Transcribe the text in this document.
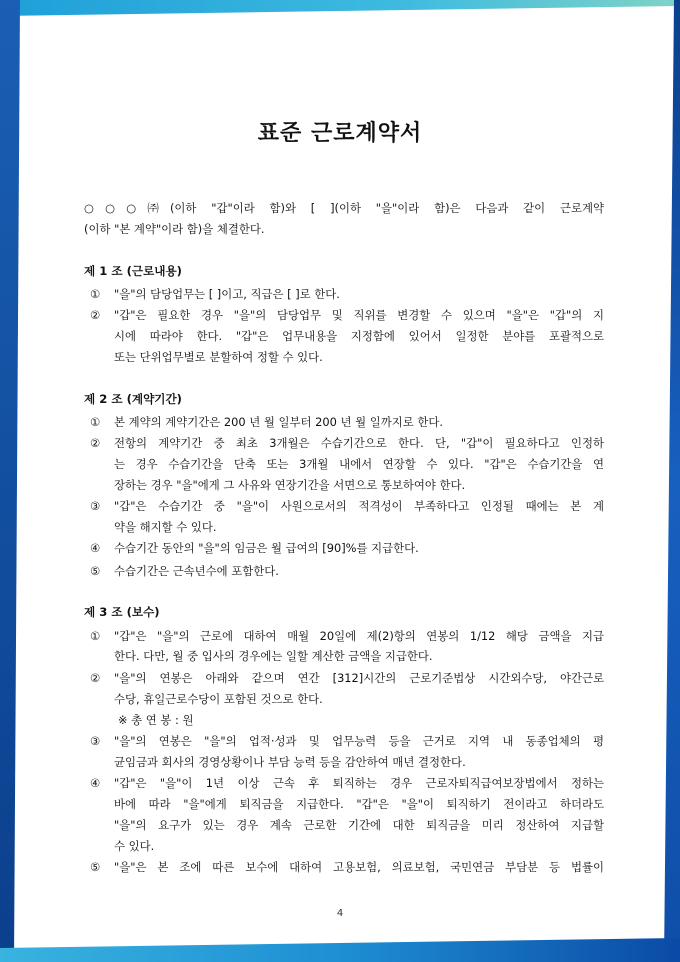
표준 근로계약서
○○○㈜(이하 "갑"이라 함)와 [ ](이하 "을"이라 함)은 다음과 같이 근로계약
(이하 "본 계약"이라 함)을 체결한다.
제 1 조 (근로내용)
① "을"의 담당업무는 [ ]이고, 직급은 [ ]로 한다.
② "갑"은 필요한 경우 "을"의 담당업무 및 직위를 변경할 수 있으며 "을"은 "갑"의 지
시에 따라야 한다. "갑"은 업무내용을 지정함에 있어서 일정한 분야를 포괄적으로
또는 단위업무별로 분할하여 정할 수 있다.
제 2 조 (계약기간)
① 본 계약의 계약기간은 200 년 월 일부터 200 년 월 일까지로 한다.
② 전항의 계약기간 중 최초 3개월은 수습기간으로 한다. 단, "갑"이 필요하다고 인정하
는 경우 수습기간을 단축 또는 3개월 내에서 연장할 수 있다. "갑"은 수습기간을 연
장하는 경우 "을"에게 그 사유와 연장기간을 서면으로 통보하여야 한다.
③ "갑"은 수습기간 중 "을"이 사원으로서의 적격성이 부족하다고 인정될 때에는 본 계
약을 해지할 수 있다.
④ 수습기간 동안의 "을"의 임금은 월 급여의 [90]%를 지급한다.
⑤ 수습기간은 근속년수에 포함한다.
제 3 조 (보수)
① "갑"은 "을"의 근로에 대하여 매월 20일에 제(2)항의 연봉의 1/12 해당 금액을 지급
한다. 다만, 월 중 입사의 경우에는 일할 계산한 금액을 지급한다.
② "을"의 연봉은 아래와 같으며 연간 [312]시간의 근로기준법상 시간외수당, 야간근로
수당, 휴일근로수당이 포함된 것으로 한다.
※ 총 연 봉 : 원
③ "을"의 연봉은 "을"의 업적·성과 및 업무능력 등을 근거로 지역 내 동종업체의 평
균임금과 회사의 경영상황이나 부담 능력 등을 감안하여 매년 결정한다.
④ "갑"은 "을"이 1년 이상 근속 후 퇴직하는 경우 근로자퇴직급여보장법에서 정하는
바에 따라 "을"에게 퇴직금을 지급한다. "갑"은 "을"이 퇴직하기 전이라고 하더라도
"을"의 요구가 있는 경우 계속 근로한 기간에 대한 퇴직금을 미리 정산하여 지급할
수 있다.
⑤ "을"은 본 조에 따른 보수에 대하여 고용보험, 의료보험, 국민연금 부담분 등 법률이
4
